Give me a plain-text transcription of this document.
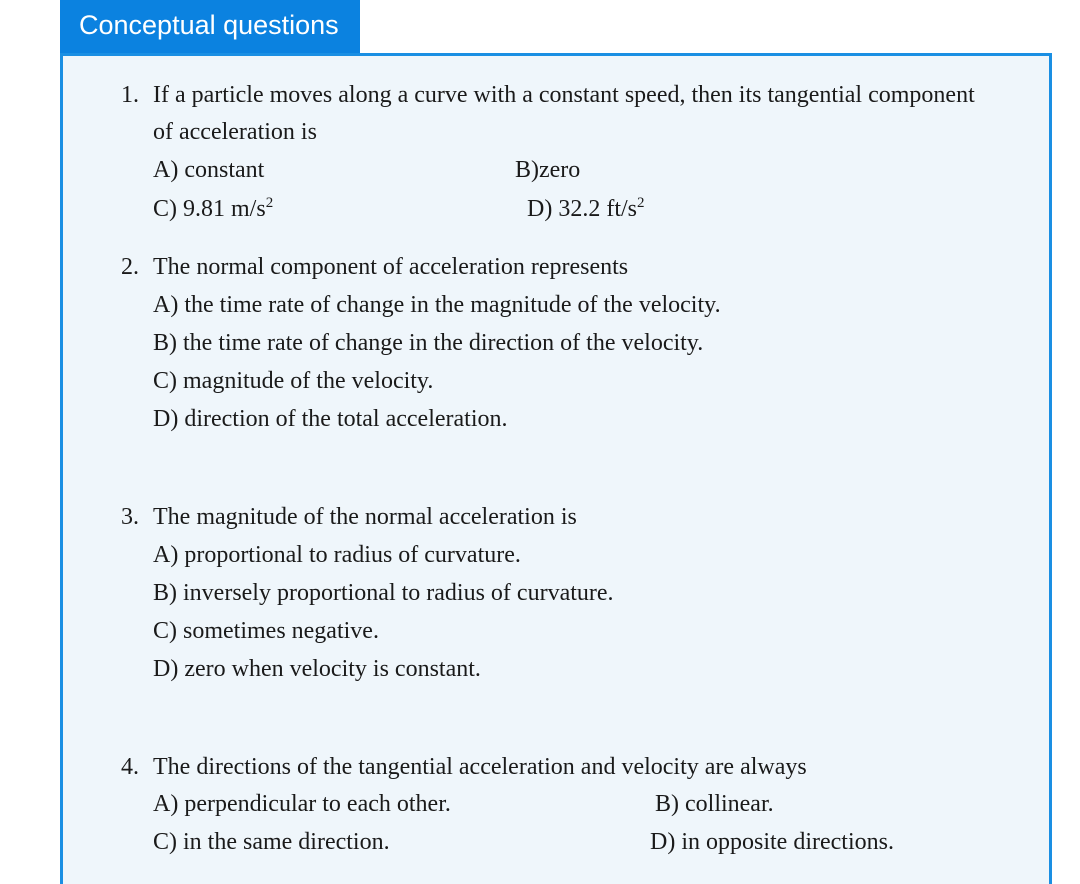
Conceptual questions
1. If a particle moves along a curve with a constant speed, then its tangential component
of acceleration is
A) constant	B)zero
C) 9.81 $m/s^2$	D) 32.2 $ft/s^2$
2. The normal component of acceleration represents
A) the time rate of change in the magnitude of the velocity.
B) the time rate of change in the direction of the velocity.
C) magnitude of the velocity.
D) direction of the total acceleration.
3. The magnitude of the normal acceleration is
A) proportional to radius of curvature.
B) inversely proportional to radius of curvature.
C) sometimes negative.
D) zero when velocity is constant.
4. The directions of the tangential acceleration and velocity are always
A) perpendicular to each other.	B) collinear.
C) in the same direction.	D) in opposite directions.
